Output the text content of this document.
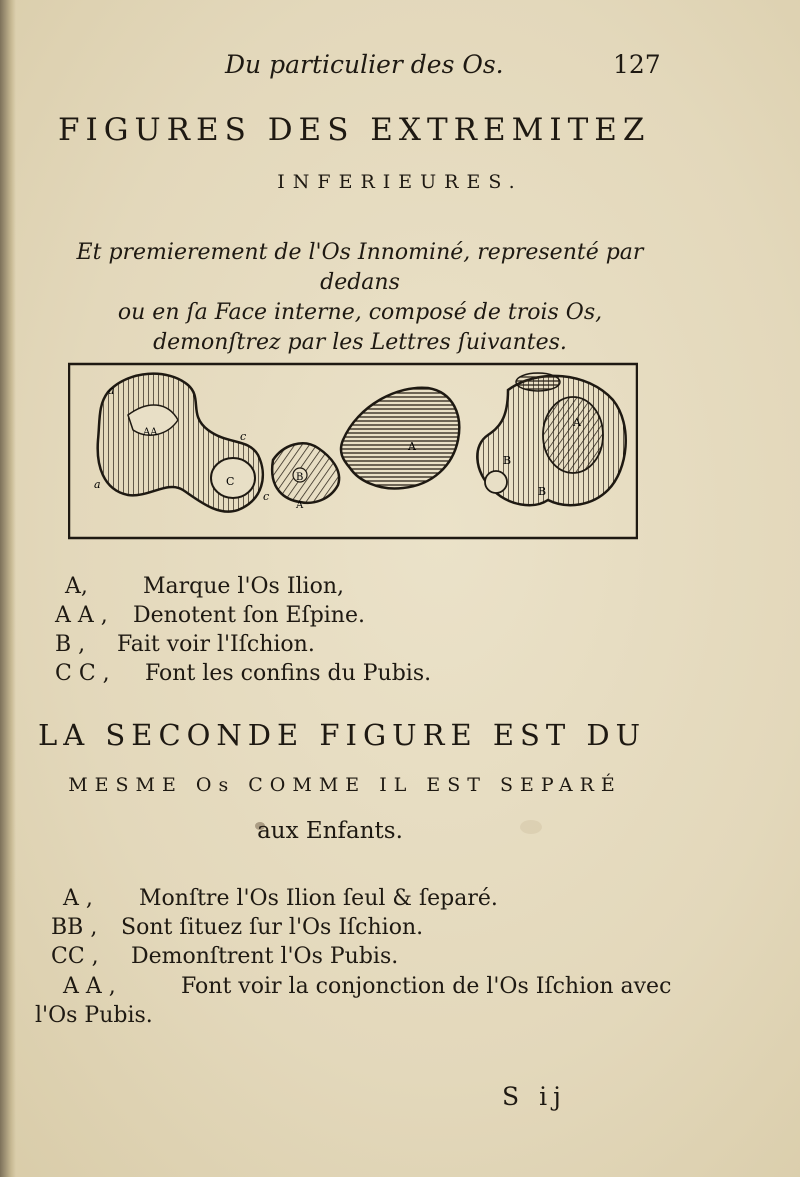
Du particulier des Os.	127
FIGURES DES EXTREMITEZ
INFERIEURES.
Et premierement de l'Os Innominé, representé par dedans
ou en ſa Face interne, composé de trois Os,
demonſtrez par les Lettres ſuivantes.
a
a
c
c
AA
A
B
C
B
A
B
A
A,	Marque l'Os Ilion,
A A , Denotent ſon Eſpine.
B , Fait voir l'Iſchion.
C C , Font les confins du Pubis.
LA SECONDE FIGURE EST DU
MESME Os COMME IL EST SEPARÉ
aux Enfants.
A , Monſtre l'Os Ilion ſeul & ſeparé.
BB , Sont ſituez ſur l'Os Iſchion.
CC , Demonſtrent l'Os Pubis.
A A ,	Font voir la conjonction de l'Os Iſchion avec
l'Os Pubis.
S ij
